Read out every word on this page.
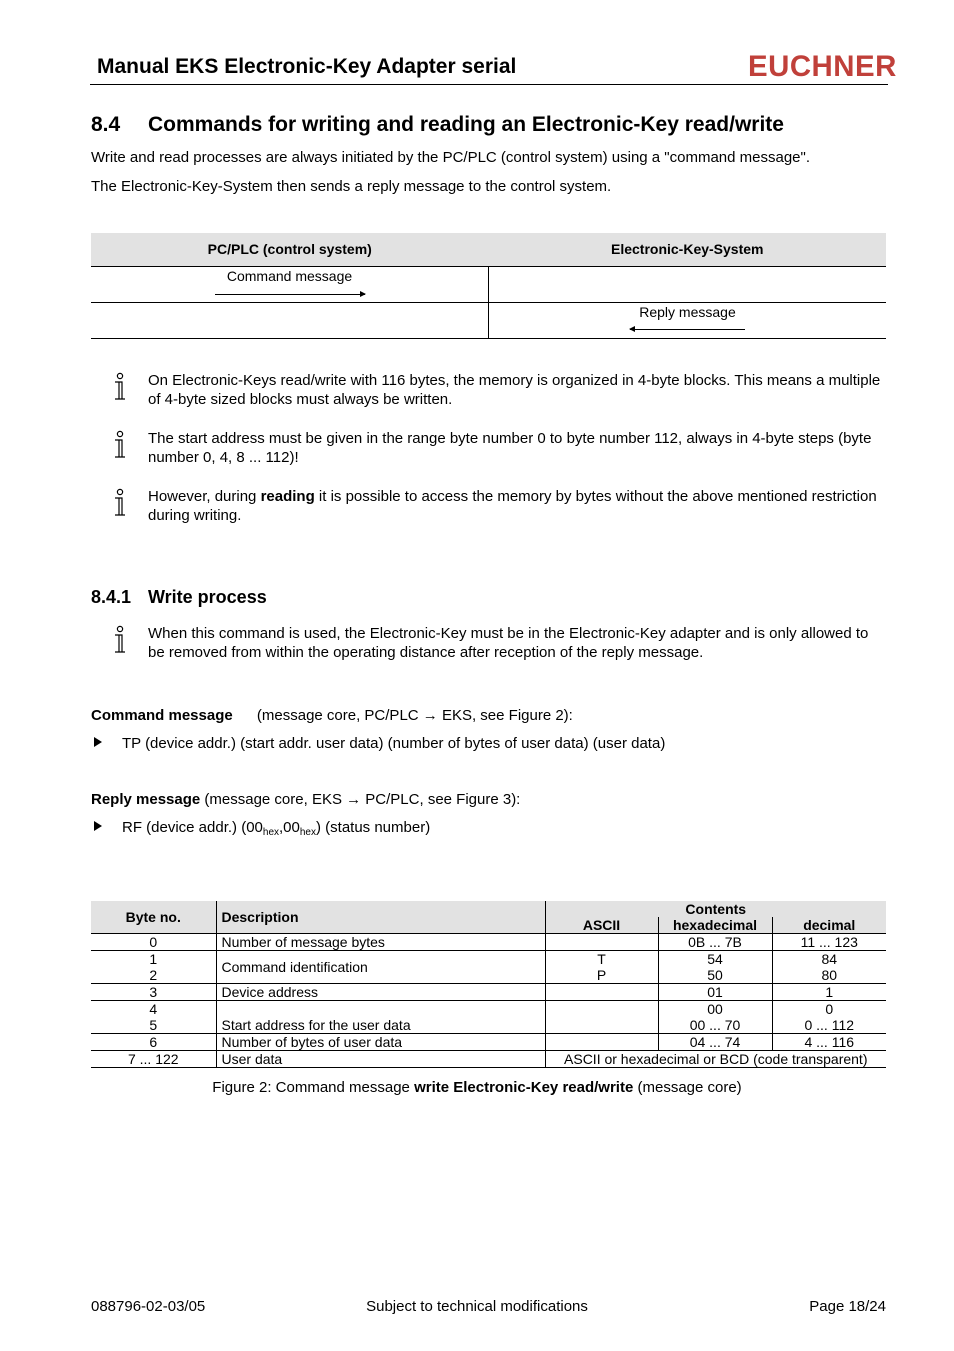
Manual EKS Electronic-Key Adapter serial	EUCHNER
8.4 Commands for writing and reading an Electronic-Key read/write
Write and read processes are always initiated by the PC/PLC (control system) using a "command message".
The Electronic-Key-System then sends a reply message to the control system.
PC/PLC (control system)	Electronic-Key-System
Command message
Reply message
On Electronic-Keys read/write with 116 bytes, the memory is organized in 4-byte blocks. This means a multiple of 4-byte sized blocks must always be written.
The start address must be given in the range byte number 0 to byte number 112, always in 4-byte steps (byte number 0, 4, 8 ... 112)!
However, during reading it is possible to access the memory by bytes without the above mentioned restriction during writing.
8.4.1 Write process
When this command is used, the Electronic-Key must be in the Electronic-Key adapter and is only allowed to be removed from within the operating distance after reception of the reply message.
Command message (message core, PC/PLC → EKS, see Figure 2):
TP (device addr.) (start addr. user data) (number of bytes of user data) (user data)
Reply message (message core, EKS → PC/PLC, see Figure 3):
RF (device addr.) $(00_{hex},00_{hex})$ (status number)
Byte no.	Description	Contents		
		ASCII	hexadecimal	decimal
0	Number of message bytes		0B ... 7B	11 ... 123
1	Command identification	T	54	84
2		P	50	80
3	Device address		01	1
4	Start address for the user data		00	0
5			00 ... 70	0 ... 112
6	Number of bytes of user data		04 ... 74	4 ... 116
7 ... 122	User data	ASCII or hexadecimal or BCD (code transparent)		
Figure 2: Command message write Electronic-Key read/write (message core)
088796-02-03/05	Subject to technical modifications	Page 18/24
